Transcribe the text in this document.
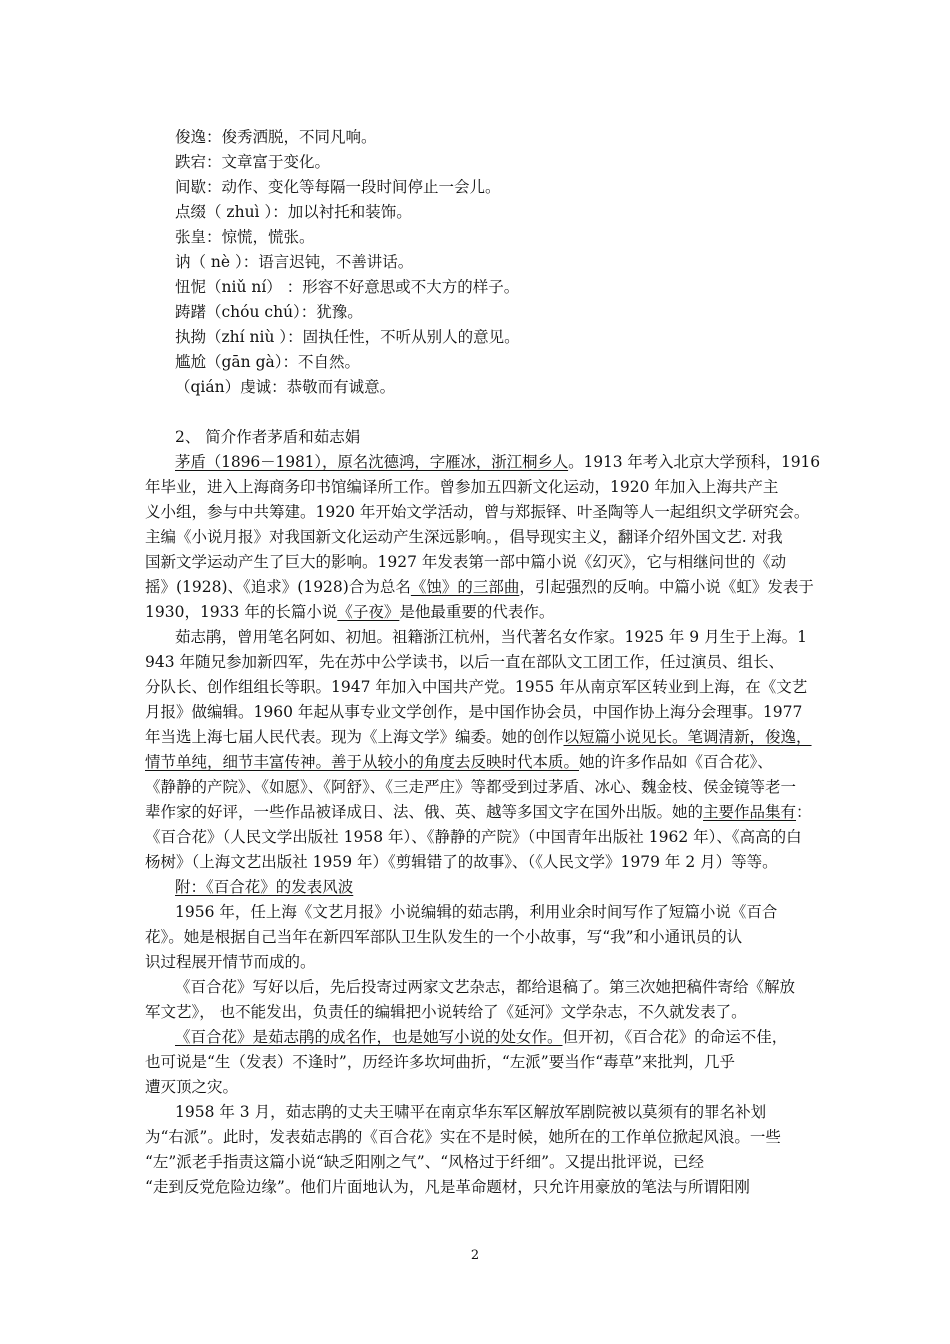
俊逸：俊秀洒脱，不同凡响。
跌宕：文章富于变化。
间歇：动作、变化等每隔一段时间停止一会儿。
点缀（ zhuì ）：加以衬托和装饰。
张皇：惊慌，慌张。
讷（ nè ）：语言迟钝，不善讲话。
忸怩（niǔ ní） ：形容不好意思或不大方的样子。
踌躇（chóu chú）：犹豫。
执拗（zhí niù ）：固执任性，不听从别人的意见。
尴尬（gān gà）：不自然。
（qián）虔诚：恭敬而有诚意。
2、 简介作者茅盾和茹志娟
茅盾（1896－1981），原名沈德鸿，字雁冰，浙江桐乡人。1913 年考入北京大学预科，1916
年毕业，进入上海商务印书馆编译所工作。曾参加五四新文化运动，1920 年加入上海共产主
义小组，参与中共筹建。1920 年开始文学活动，曾与郑振铎、叶圣陶等人一起组织文学研究会。
主编《小说月报》对我国新文化运动产生深远影响。，倡导现实主义，翻译介绍外国文艺. 对我
国新文学运动产生了巨大的影响。1927 年发表第一部中篇小说《幻灭》，它与相继问世的《动
摇》(1928)、《追求》(1928)合为总名《蚀》的三部曲，引起强烈的反响。中篇小说《虹》发表于
1930，1933 年的长篇小说《子夜》是他最重要的代表作。
茹志鹃，曾用笔名阿如、初旭。祖籍浙江杭州，当代著名女作家。1925 年 9 月生于上海。1
943 年随兄参加新四军，先在苏中公学读书，以后一直在部队文工团工作，任过演员、组长、
分队长、创作组组长等职。1947 年加入中国共产党。1955 年从南京军区转业到上海，在《文艺
月报》做编辑。1960 年起从事专业文学创作，是中国作协会员，中国作协上海分会理事。1977
年当选上海七届人民代表。现为《上海文学》编委。她的创作以短篇小说见长。笔调清新，俊逸，
情节单纯，细节丰富传神。善于从较小的角度去反映时代本质。她的许多作品如《百合花》、
《静静的产院》、《如愿》、《阿舒》、《三走严庄》等都受到过茅盾、冰心、魏金枝、侯金镜等老一
辈作家的好评，一些作品被译成日、法、俄、英、越等多国文字在国外出版。她的主要作品集有：
《百合花》（人民文学出版社 1958 年）、《静静的产院》（中国青年出版社 1962 年）、《高高的白
杨树》（上海文艺出版社 1959 年）《剪辑错了的故事》、（《人民文学》1979 年 2 月）等等。
附：《百合花》的发表风波
1956 年，任上海《文艺月报》小说编辑的茹志鹃，利用业余时间写作了短篇小说《百合
花》。她是根据自己当年在新四军部队卫生队发生的一个小故事，写“我”和小通讯员的认
识过程展开情节而成的。
《百合花》写好以后，先后投寄过两家文艺杂志，都给退稿了。第三次她把稿件寄给《解放
军文艺》， 也不能发出，负责任的编辑把小说转给了《延河》文学杂志，不久就发表了。
《百合花》是茹志鹃的成名作，也是她写小说的处女作。但开初，《百合花》的命运不佳，
也可说是“生（发表）不逢时”，历经许多坎坷曲折，“左派”要当作“毒草”来批判，几乎
遭灭顶之灾。
1958 年 3 月，茹志鹃的丈夫王啸平在南京华东军区解放军剧院被以莫须有的罪名补划
为“右派”。此时，发表茹志鹃的《百合花》实在不是时候，她所在的工作单位掀起风浪。一些
“左”派老手指责这篇小说“缺乏阳刚之气”、“风格过于纤细”。又提出批评说，已经
“走到反党危险边缘”。他们片面地认为，凡是革命题材，只允许用豪放的笔法与所谓阳刚
2
